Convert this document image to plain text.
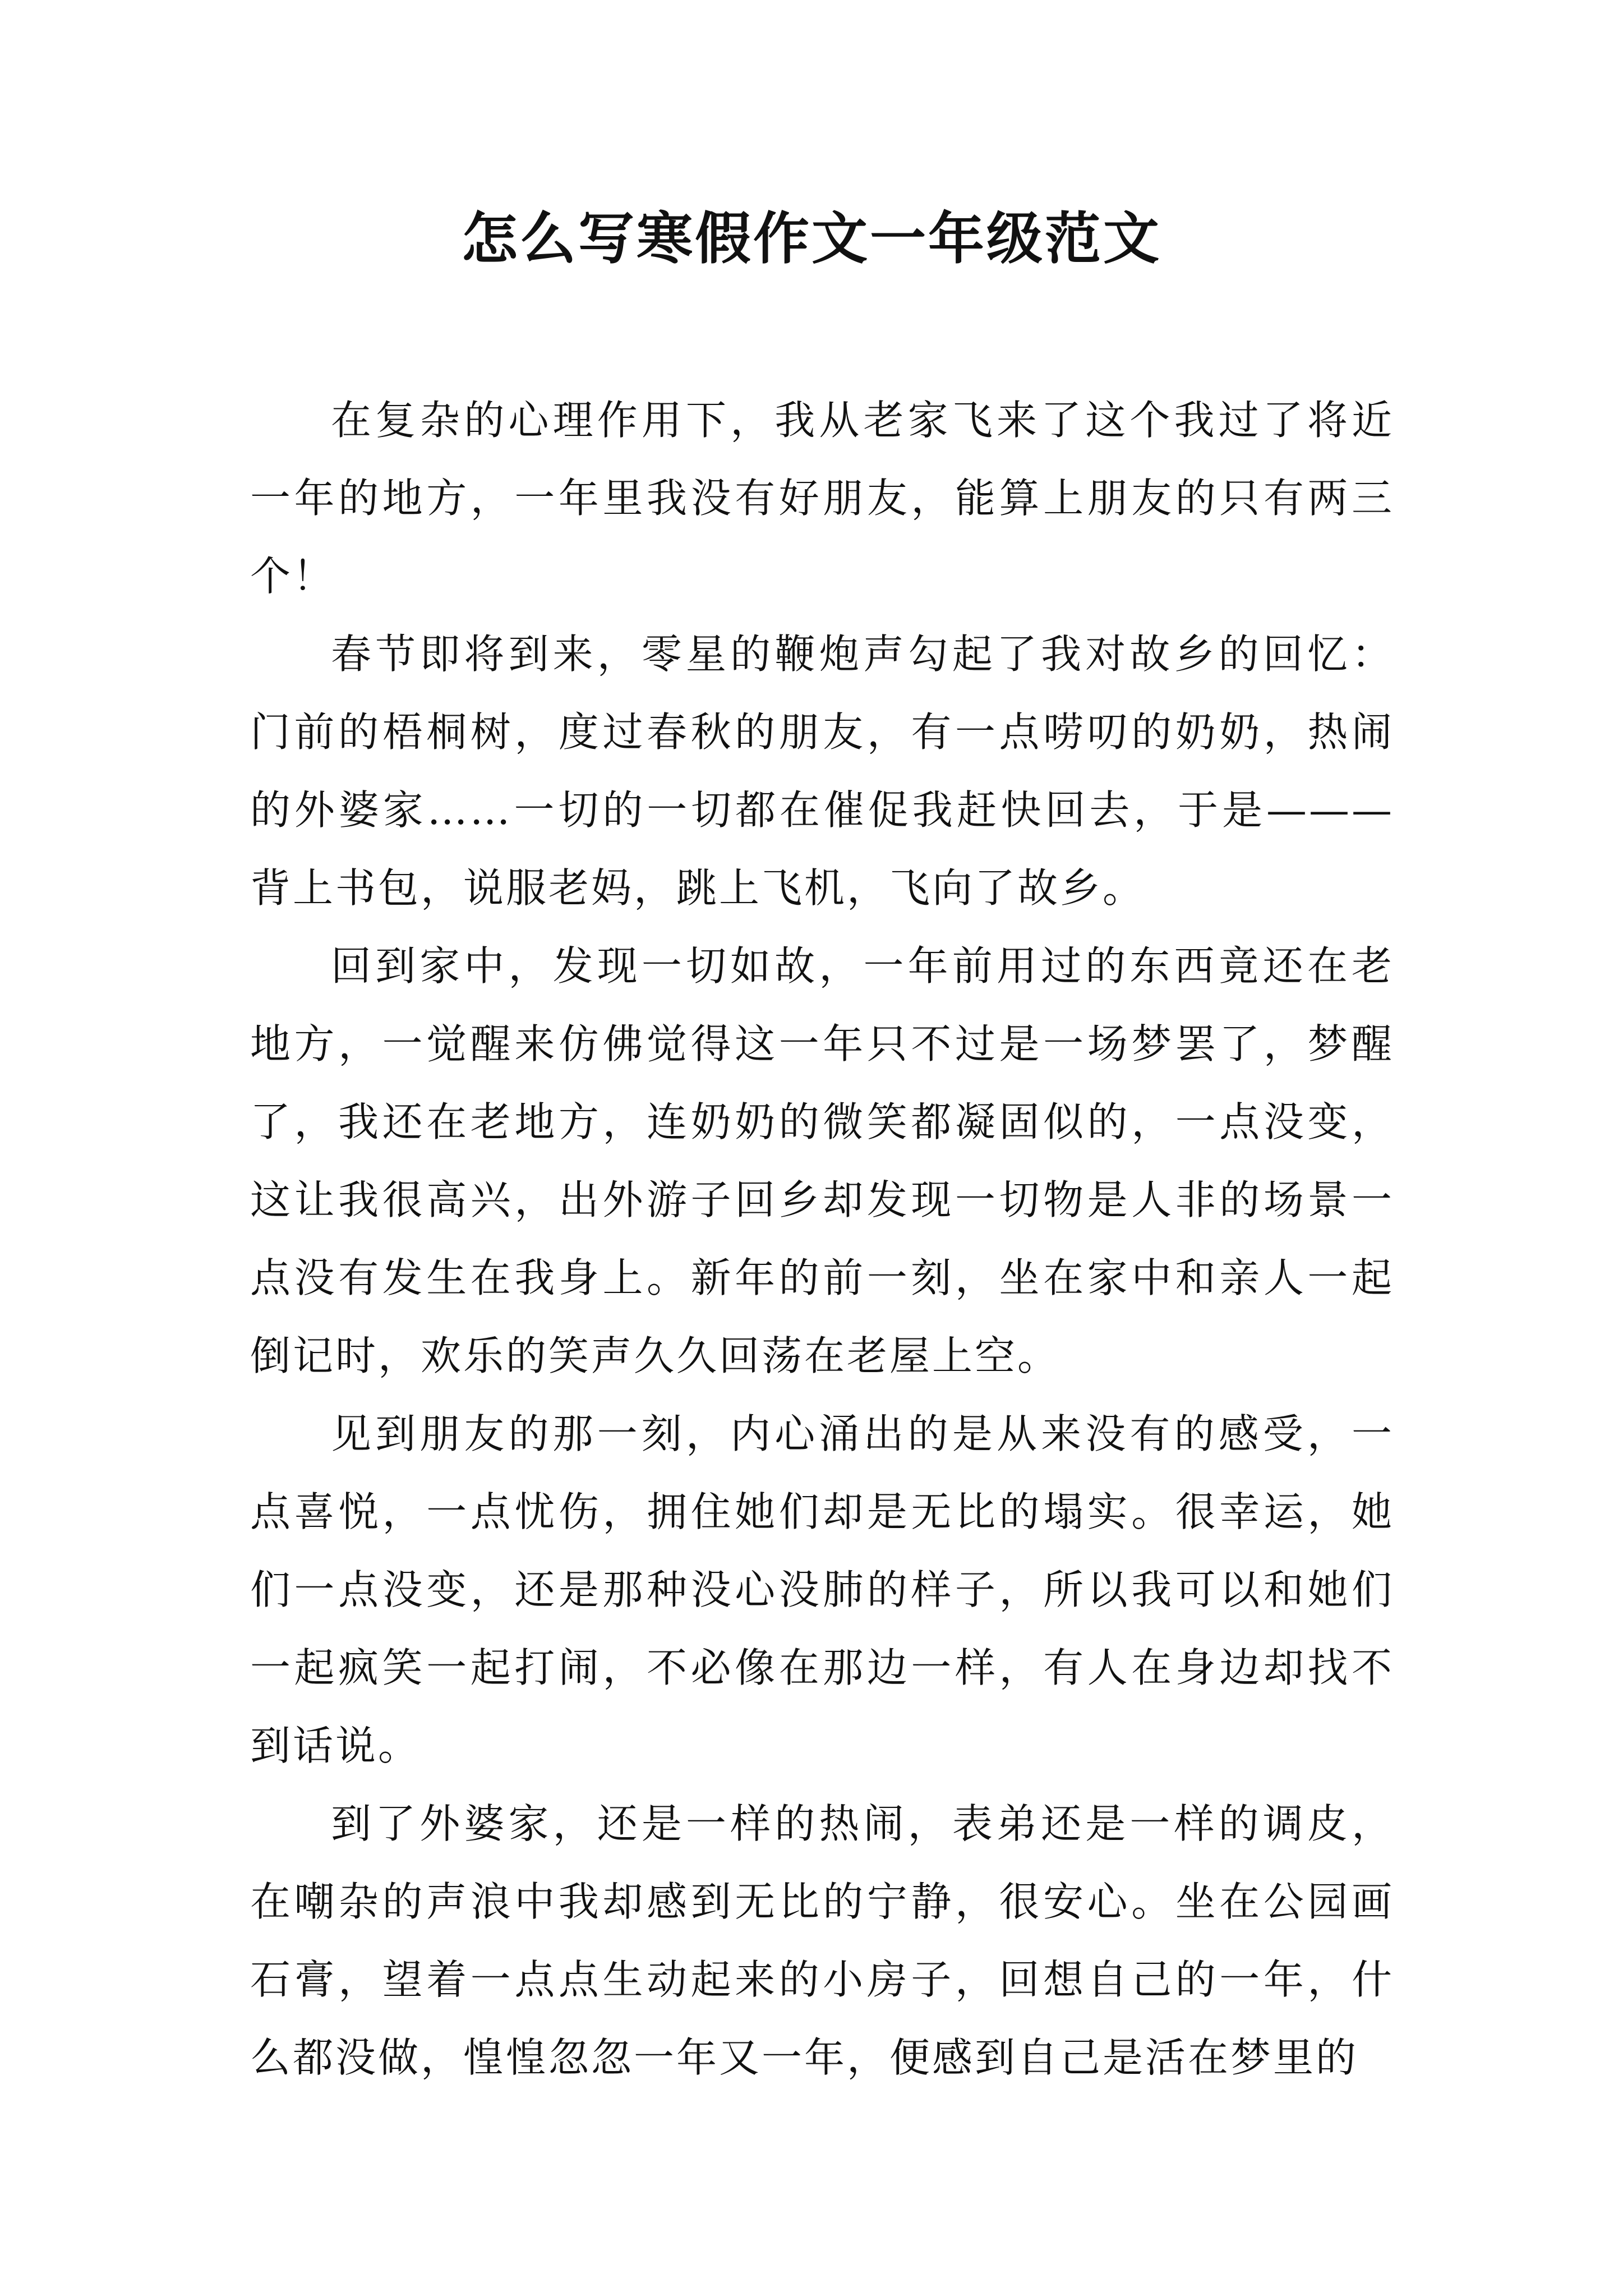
怎么写寒假作文一年级范文

在复杂的心理作用下，我从老家飞来了这个我过了将近一年的地方，一年里我没有好朋友，能算上朋友的只有两三个！

春节即将到来，零星的鞭炮声勾起了我对故乡的回忆：门前的梧桐树，度过春秋的朋友，有一点唠叨的奶奶，热闹的外婆家……一切的一切都在催促我赶快回去，于是———背上书包，说服老妈，跳上飞机，飞向了故乡。

回到家中，发现一切如故，一年前用过的东西竟还在老地方，一觉醒来仿佛觉得这一年只不过是一场梦罢了，梦醒了，我还在老地方，连奶奶的微笑都凝固似的，一点没变，这让我很高兴，出外游子回乡却发现一切物是人非的场景一点没有发生在我身上。新年的前一刻，坐在家中和亲人一起倒记时，欢乐的笑声久久回荡在老屋上空。

见到朋友的那一刻，内心涌出的是从来没有的感受，一点喜悦，一点忧伤，拥住她们却是无比的塌实。很幸运，她们一点没变，还是那种没心没肺的样子，所以我可以和她们一起疯笑一起打闹，不必像在那边一样，有人在身边却找不到话说。

到了外婆家，还是一样的热闹，表弟还是一样的调皮，在嘲杂的声浪中我却感到无比的宁静，很安心。坐在公园画石膏，望着一点点生动起来的小房子，回想自己的一年，什么都没做，惶惶忽忽一年又一年，便感到自己是活在梦里的
